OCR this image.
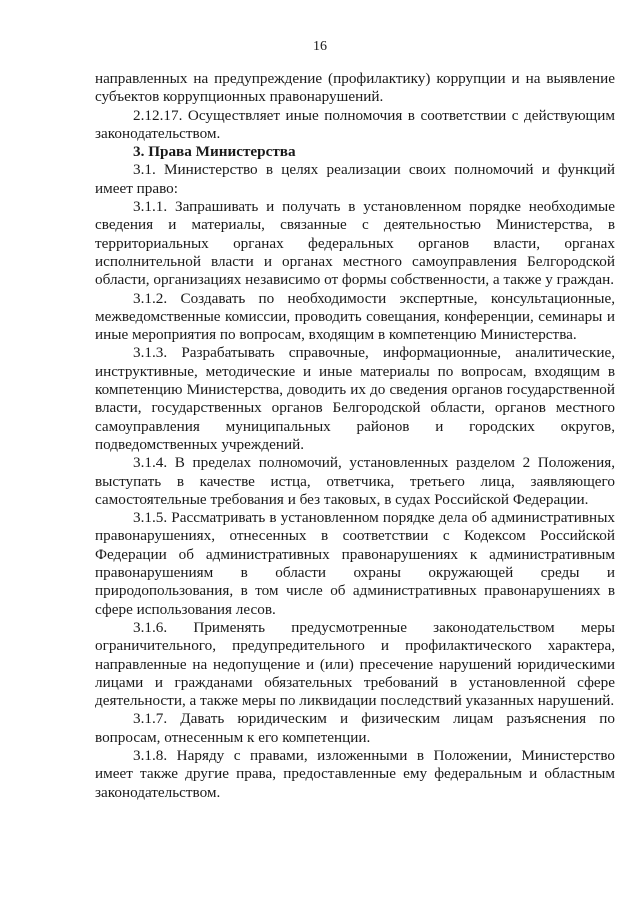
16

направленных на предупреждение (профилактику) коррупции и на выявление субъектов коррупционных правонарушений.

2.12.17. Осуществляет иные полномочия в соответствии с действующим законодательством.

3. Права Министерства

3.1. Министерство в целях реализации своих полномочий и функций имеет право:

3.1.1. Запрашивать и получать в установленном порядке необходимые сведения и материалы, связанные с деятельностью Министерства, в территориальных органах федеральных органов власти, органах исполнительной власти и органах местного самоуправления Белгородской области, организациях независимо от формы собственности, а также у граждан.

3.1.2. Создавать по необходимости экспертные, консультационные, межведомственные комиссии, проводить совещания, конференции, семинары и иные мероприятия по вопросам, входящим в компетенцию Министерства.

3.1.3. Разрабатывать справочные, информационные, аналитические, инструктивные, методические и иные материалы по вопросам, входящим в компетенцию Министерства, доводить их до сведения органов государственной власти, государственных органов Белгородской области, органов местного самоуправления муниципальных районов и городских округов, подведомственных учреждений.

3.1.4. В пределах полномочий, установленных разделом 2 Положения, выступать в качестве истца, ответчика, третьего лица, заявляющего самостоятельные требования и без таковых, в судах Российской Федерации.

3.1.5. Рассматривать в установленном порядке дела об административных правонарушениях, отнесенных в соответствии с Кодексом Российской Федерации об административных правонарушениях к административным правонарушениям в области охраны окружающей среды и природопользования, в том числе об административных правонарушениях в сфере использования лесов.

3.1.6. Применять предусмотренные законодательством меры ограничительного, предупредительного и профилактического характера, направленные на недопущение и (или) пресечение нарушений юридическими лицами и гражданами обязательных требований в установленной сфере деятельности, а также меры по ликвидации последствий указанных нарушений.

3.1.7. Давать юридическим и физическим лицам разъяснения по вопросам, отнесенным к его компетенции.

3.1.8. Наряду с правами, изложенными в Положении, Министерство имеет также другие права, предоставленные ему федеральным и областным законодательством.
